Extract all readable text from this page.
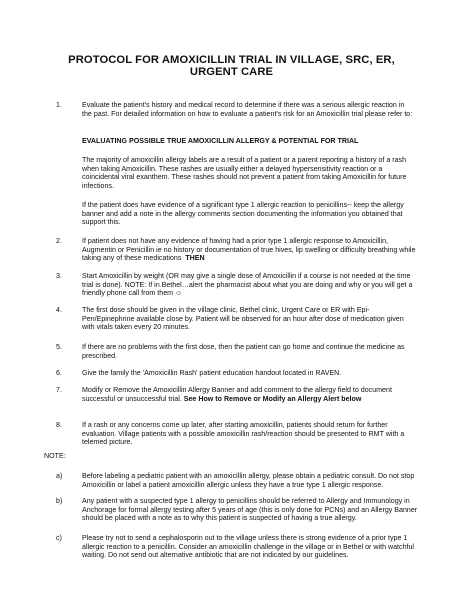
PROTOCOL FOR AMOXICILLIN TRIAL IN VILLAGE, SRC, ER, URGENT CARE
1.	Evaluate the patient's history and medical record to determine if there was a serious allergic reaction in the past. For detailed information on how to evaluate a patient's risk for an Amoxicillin trial please refer to:
EVALUATING POSSIBLE TRUE AMOXICILLIN ALLERGY & POTENTIAL FOR TRIAL
The majority of amoxicillin allergy labels are a result of a patient or a parent reporting a history of a rash when taking Amoxicillin. These rashes are usually either a delayed hypersensitivity reaction or a coincidental viral exanthem. These rashes should not prevent a patient from taking Amoxicillin for future infections.
If the patient does have evidence of a significant type 1 allergic reaction to penicillins-- keep the allergy banner and add a note in the allergy comments section documenting the information you obtained that support this.
2.	If patient does not have any evidence of having had a prior type 1 allergic response to Amoxicillin, Augmentin or Penicillin ie no history or documentation of true hives, lip swelling or difficulty breathing while taking any of these medications THEN
3.	Start Amoxicillin by weight (OR may give a single dose of Amoxicillin if a course is not needed at the time trial is done). NOTE: If in Bethel…alert the pharmacist about what you are doing and why or you will get a friendly phone call from them ☺
4.	The first dose should be given in the village clinic, Bethel clinic, Urgent Care or ER with Epi-Pen/Epinephrine available close by. Patient will be observed for an hour after dose of medication given with vitals taken every 20 minutes.
5.	If there are no problems with the first dose, then the patient can go home and continue the medicine as prescribed.
6.	Give the family the 'Amoxicillin Rash' patient education handout located in RAVEN.
7.	Modify or Remove the Amoxicillin Allergy Banner and add comment to the allergy field to document successful or unsuccessful trial. See How to Remove or Modify an Allergy Alert below
8.	If a rash or any concerns come up later, after starting amoxicillin, patients should return for further evaluation. Village patients with a possible amoxicillin rash/reaction should be presented to RMT with a telemed picture.
NOTE:
a)	Before labeling a pediatric patient with an amoxicillin allergy, please obtain a pediatric consult. Do not stop Amoxicillin or label a patient amoxicillin allergic unless they have a true type 1 allergic response.
b)	Any patient with a suspected type 1 allergy to penicillins should be referred to Allergy and Immunology in Anchorage for formal allergy testing after 5 years of age (this is only done for PCNs) and an Allergy Banner should be placed with a note as to why this patient is suspected of having a true allergy.
c)	Please try not to send a cephalosporin out to the village unless there is strong evidence of a prior type 1 allergic reaction to a penicillin. Consider an amoxicillin challenge in the village or in Bethel or with watchful waiting. Do not send out alternative antibiotic that are not indicated by our guidelines.
